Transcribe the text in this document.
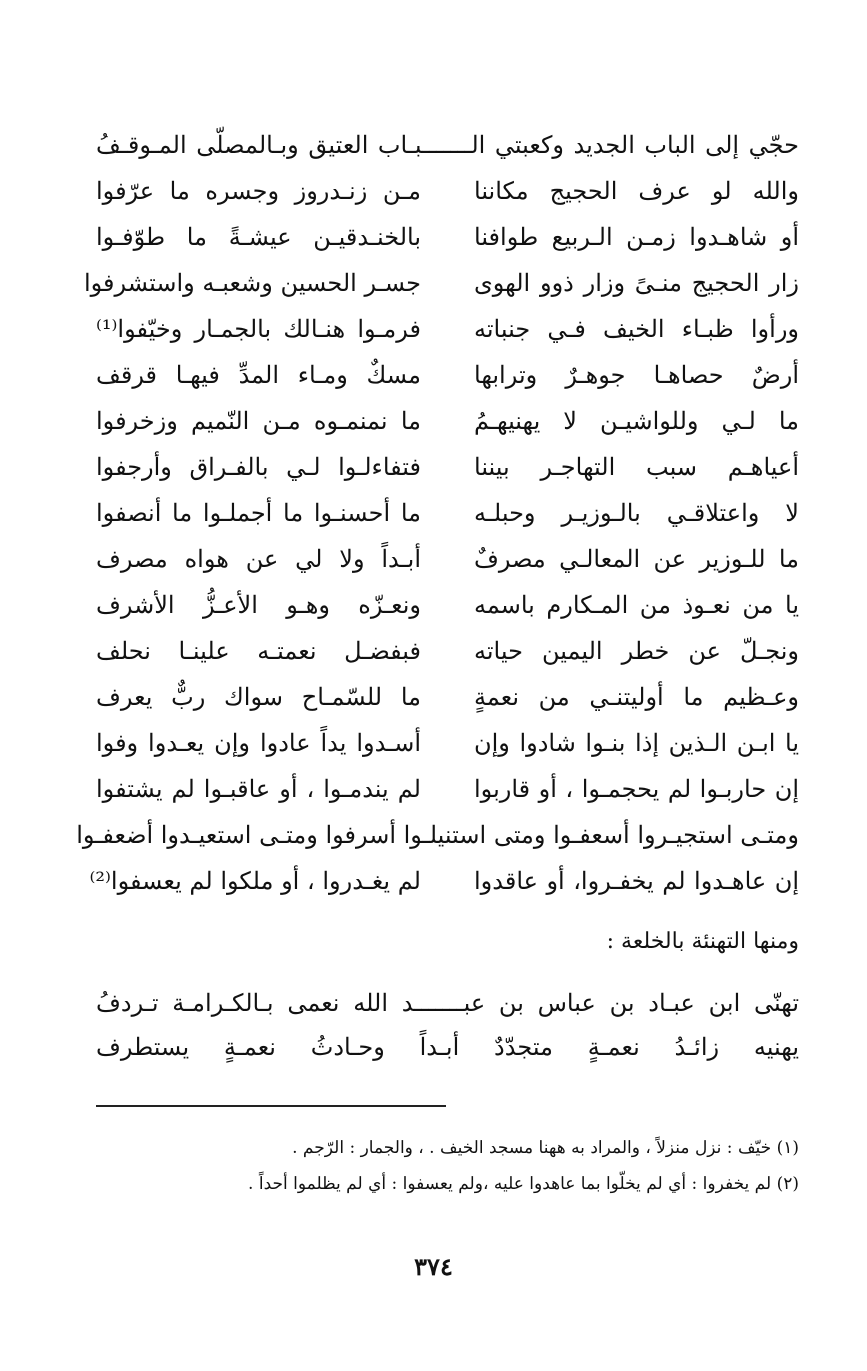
حجّي إلى الباب الجديد وكعبتي الـــــــبـاب العتيق وبـالمصلّى المـوقـفُ
والله لو عرف الحجيج مكاننا
مـن زنـدروز وجسره ما عرّفوا
أو شاهـدوا زمـن الـربيع طوافنا
بالخنـدقيـن عيشـةً ما طوّفـوا
زار الحجيج منـىً وزار ذوو الهوى
جسـر الحسين وشعبـه واستشرفوا
ورأوا ظبـاء الخيف فـي جنباته
فرمـوا هنـالك بالجمـار وخيّفوا⁽¹⁾
أرضٌ حصاهـا جوهـرٌ وترابها
مسكٌ ومـاء المدِّ فيهـا قرقف
ما لـي وللواشيـن لا يهنيهـمُ
ما نمنمـوه مـن النّميم وزخرفوا
أعياهـم سبب التهاجـر بيننا
فتفاءلـوا لـي بالفـراق وأرجفوا
لا واعتلاقـي بالـوزيـر وحبلـه
ما أحسنـوا ما أجملـوا ما أنصفوا
ما للـوزير عن المعالـي مصرفٌ
أبـداً ولا لي عن هواه مصرف
يا من نعـوذ من المـكارم باسمه
ونعـزّه وهـو الأعـزُّ الأشرف
ونجـلّ عن خطر اليمين حياته
فبفضـل نعمتـه علينـا نحلف
وعـظيم ما أوليتنـي من نعمةٍ
ما للسّمـاح سواك ربٌّ يعرف
يا ابـن الـذين إذا بنـوا شادوا وإن
أسـدوا يداً عادوا وإن يعـدوا وفوا
إن حاربـوا لم يحجمـوا ، أو قاربوا
لم يندمـوا ، أو عاقبـوا لم يشتفوا
ومتـى استجيـروا أسعفـوا ومتى استنيلـوا أسرفوا ومتـى استعيـدوا أضعفـوا
إن عاهـدوا لم يخفـروا، أو عاقدوا
لم يغـدروا ، أو ملكوا لم يعسفوا⁽²⁾
ومنها التهنئة بالخلعة :
تهنّى ابن عبـاد بن عباس بن عبـــــــد الله نعمى بـالكـرامـة تـردفُ
يهنيه زائـدُ نعمـةٍ متجدّدٌ أبـداً وحـادثُ نعمـةٍ يستطرف
(١) خيّف : نزل منزلاً ، والمراد به ههنا مسجد الخيف . ، والجمار : الرّجم .
(٢) لم يخفروا : أي لم يخلّوا بما عاهدوا عليه ،ولم يعسفوا : أي لم يظلموا أحداً .
٣٧٤
